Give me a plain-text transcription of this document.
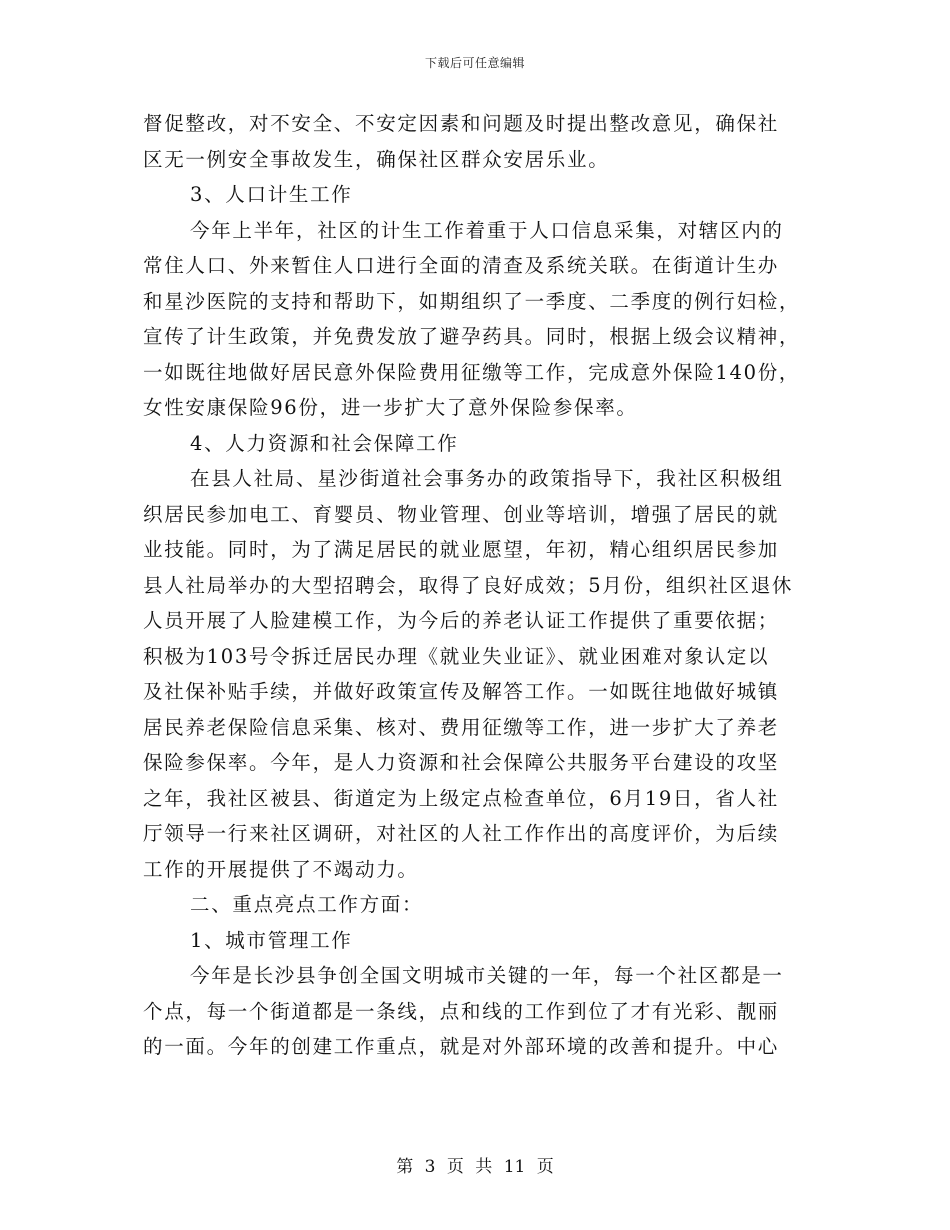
下载后可任意编辑
督促整改，对不安全、不安定因素和问题及时提出整改意见，确保社
区无一例安全事故发生，确保社区群众安居乐业。
3、人口计生工作
今年上半年，社区的计生工作着重于人口信息采集，对辖区内的
常住人口、外来暂住人口进行全面的清查及系统关联。在街道计生办
和星沙医院的支持和帮助下，如期组织了一季度、二季度的例行妇检，
宣传了计生政策，并免费发放了避孕药具。同时，根据上级会议精神，
一如既往地做好居民意外保险费用征缴等工作，完成意外保险140份，
女性安康保险96份，进一步扩大了意外保险参保率。
4、人力资源和社会保障工作
在县人社局、星沙街道社会事务办的政策指导下，我社区积极组
织居民参加电工、育婴员、物业管理、创业等培训，增强了居民的就
业技能。同时，为了满足居民的就业愿望，年初，精心组织居民参加
县人社局举办的大型招聘会，取得了良好成效；5月份，组织社区退休
人员开展了人脸建模工作，为今后的养老认证工作提供了重要依据；
积极为103号令拆迁居民办理《就业失业证》、就业困难对象认定以
及社保补贴手续，并做好政策宣传及解答工作。一如既往地做好城镇
居民养老保险信息采集、核对、费用征缴等工作，进一步扩大了养老
保险参保率。今年，是人力资源和社会保障公共服务平台建设的攻坚
之年，我社区被县、街道定为上级定点检查单位，6月19日，省人社
厅领导一行来社区调研，对社区的人社工作作出的高度评价，为后续
工作的开展提供了不竭动力。
二、重点亮点工作方面：
1、城市管理工作
今年是长沙县争创全国文明城市关键的一年，每一个社区都是一
个点，每一个街道都是一条线，点和线的工作到位了才有光彩、靓丽
的一面。今年的创建工作重点，就是对外部环境的改善和提升。中心
第 3 页 共 11 页
